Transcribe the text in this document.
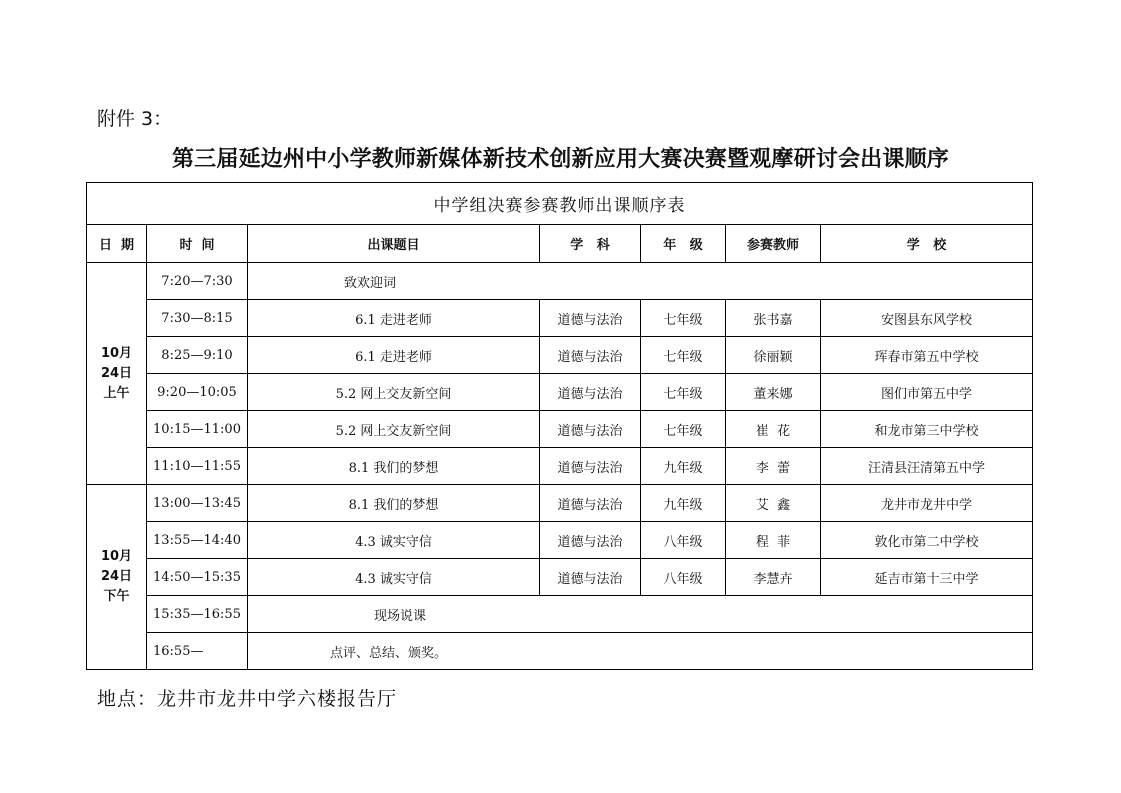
附件 3：
第三届延边州中小学教师新媒体新技术创新应用大赛决赛暨观摩研讨会出课顺序
中学组决赛参赛教师出课顺序表						
日  期	时  间	出课题目	学   科	年   级	参赛教师	学   校

10月
24日
上午	7:20—7:30	致欢迎词				
	7:30—8:15	6.1 走进老师	道德与法治	七年级	张书嘉	安图县东风学校
	8:25—9:10	6.1 走进老师	道德与法治	七年级	徐丽颖	珲春市第五中学校
	9:20—10:05	5.2 网上交友新空间	道德与法治	七年级	董来娜	图们市第五中学
	10:15—11:00	5.2 网上交友新空间	道德与法治	七年级	崔  花	和龙市第三中学校
	11:10—11:55	8.1 我们的梦想	道德与法治	九年级	李  蕾	汪清县汪清第五中学

10月
24日
下午	13:00—13:45	8.1 我们的梦想	道德与法治	九年级	艾  鑫	龙井市龙井中学
	13:55—14:40	4.3 诚实守信	道德与法治	八年级	程  菲	敦化市第二中学校
	14:50—15:35	4.3 诚实守信	道德与法治	八年级	李慧卉	延吉市第十三中学
	15:35—16:55	现场说课				
	16:55—	点评、总结、颁奖。				
地点：龙井市龙井中学六楼报告厅
